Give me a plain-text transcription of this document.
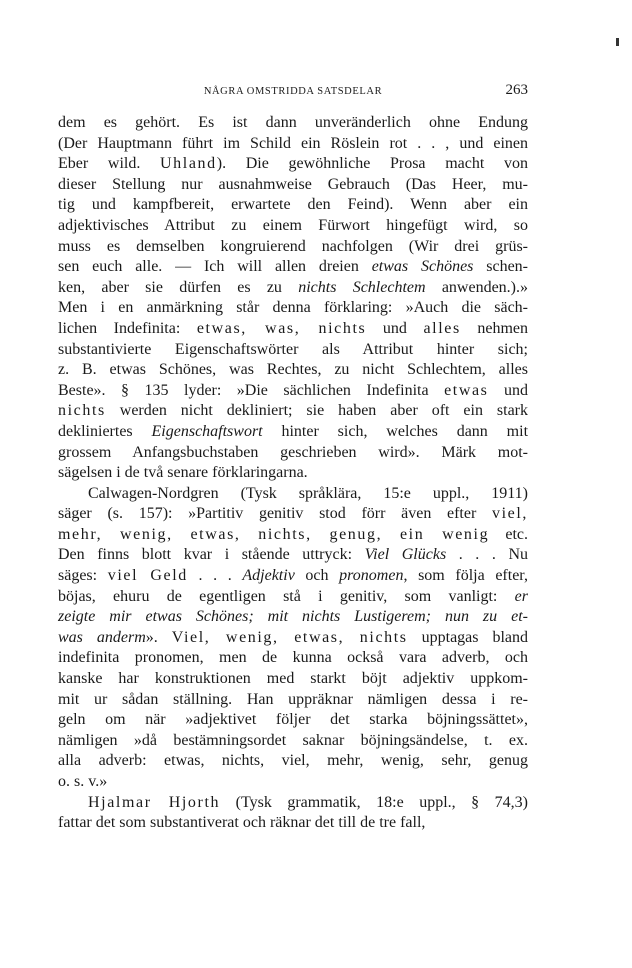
NÅGRA OMSTRIDDA SATSDELAR	263
dem es gehört. Es ist dann unveränderlich ohne Endung
(Der Hauptmann führt im Schild ein Röslein rot . . , und einen
Eber wild. Uhland). Die gewöhnliche Prosa macht von
dieser Stellung nur ausnahmweise Gebrauch (Das Heer, mu-
tig und kampfbereit, erwartete den Feind). Wenn aber ein
adjektivisches Attribut zu einem Fürwort hingefügt wird, so
muss es demselben kongruierend nachfolgen (Wir drei grüs-
sen euch alle. — Ich will allen dreien etwas Schönes schen-
ken, aber sie dürfen es zu nichts Schlechtem anwenden.).»
Men i en anmärkning står denna förklaring: »Auch die säch-
lichen Indefinita: etwas, was, nichts und alles nehmen
substantivierte Eigenschaftswörter als Attribut hinter sich;
z. B. etwas Schönes, was Rechtes, zu nicht Schlechtem, alles
Beste». § 135 lyder: »Die sächlichen Indefinita etwas und
nichts werden nicht dekliniert; sie haben aber oft ein stark
dekliniertes Eigenschaftswort hinter sich, welches dann mit
grossem Anfangsbuchstaben geschrieben wird». Märk mot-
sägelsen i de två senare förklaringarna.
Calwagen-Nordgren (Tysk språklära, 15:e uppl., 1911)
säger (s. 157): »Partitiv genitiv stod förr även efter viel,
mehr, wenig, etwas, nichts, genug, ein wenig etc.
Den finns blott kvar i stående uttryck: Viel Glücks . . . Nu
säges: viel Geld . . . Adjektiv och pronomen, som följa efter,
böjas, ehuru de egentligen stå i genitiv, som vanligt: er
zeigte mir etwas Schönes; mit nichts Lustigerem; nun zu et-
was anderm». Viel, wenig, etwas, nichts upptagas bland
indefinita pronomen, men de kunna också vara adverb, och
kanske har konstruktionen med starkt böjt adjektiv uppkom-
mit ur sådan ställning. Han uppräknar nämligen dessa i re-
geln om när »adjektivet följer det starka böjningssättet»,
nämligen »då bestämningsordet saknar böjningsändelse, t. ex.
alla adverb: etwas, nichts, viel, mehr, wenig, sehr, genug
o. s. v.»
Hjalmar Hjorth (Tysk grammatik, 18:e uppl., § 74,3)
fattar det som substantiverat och räknar det till de tre fall,
